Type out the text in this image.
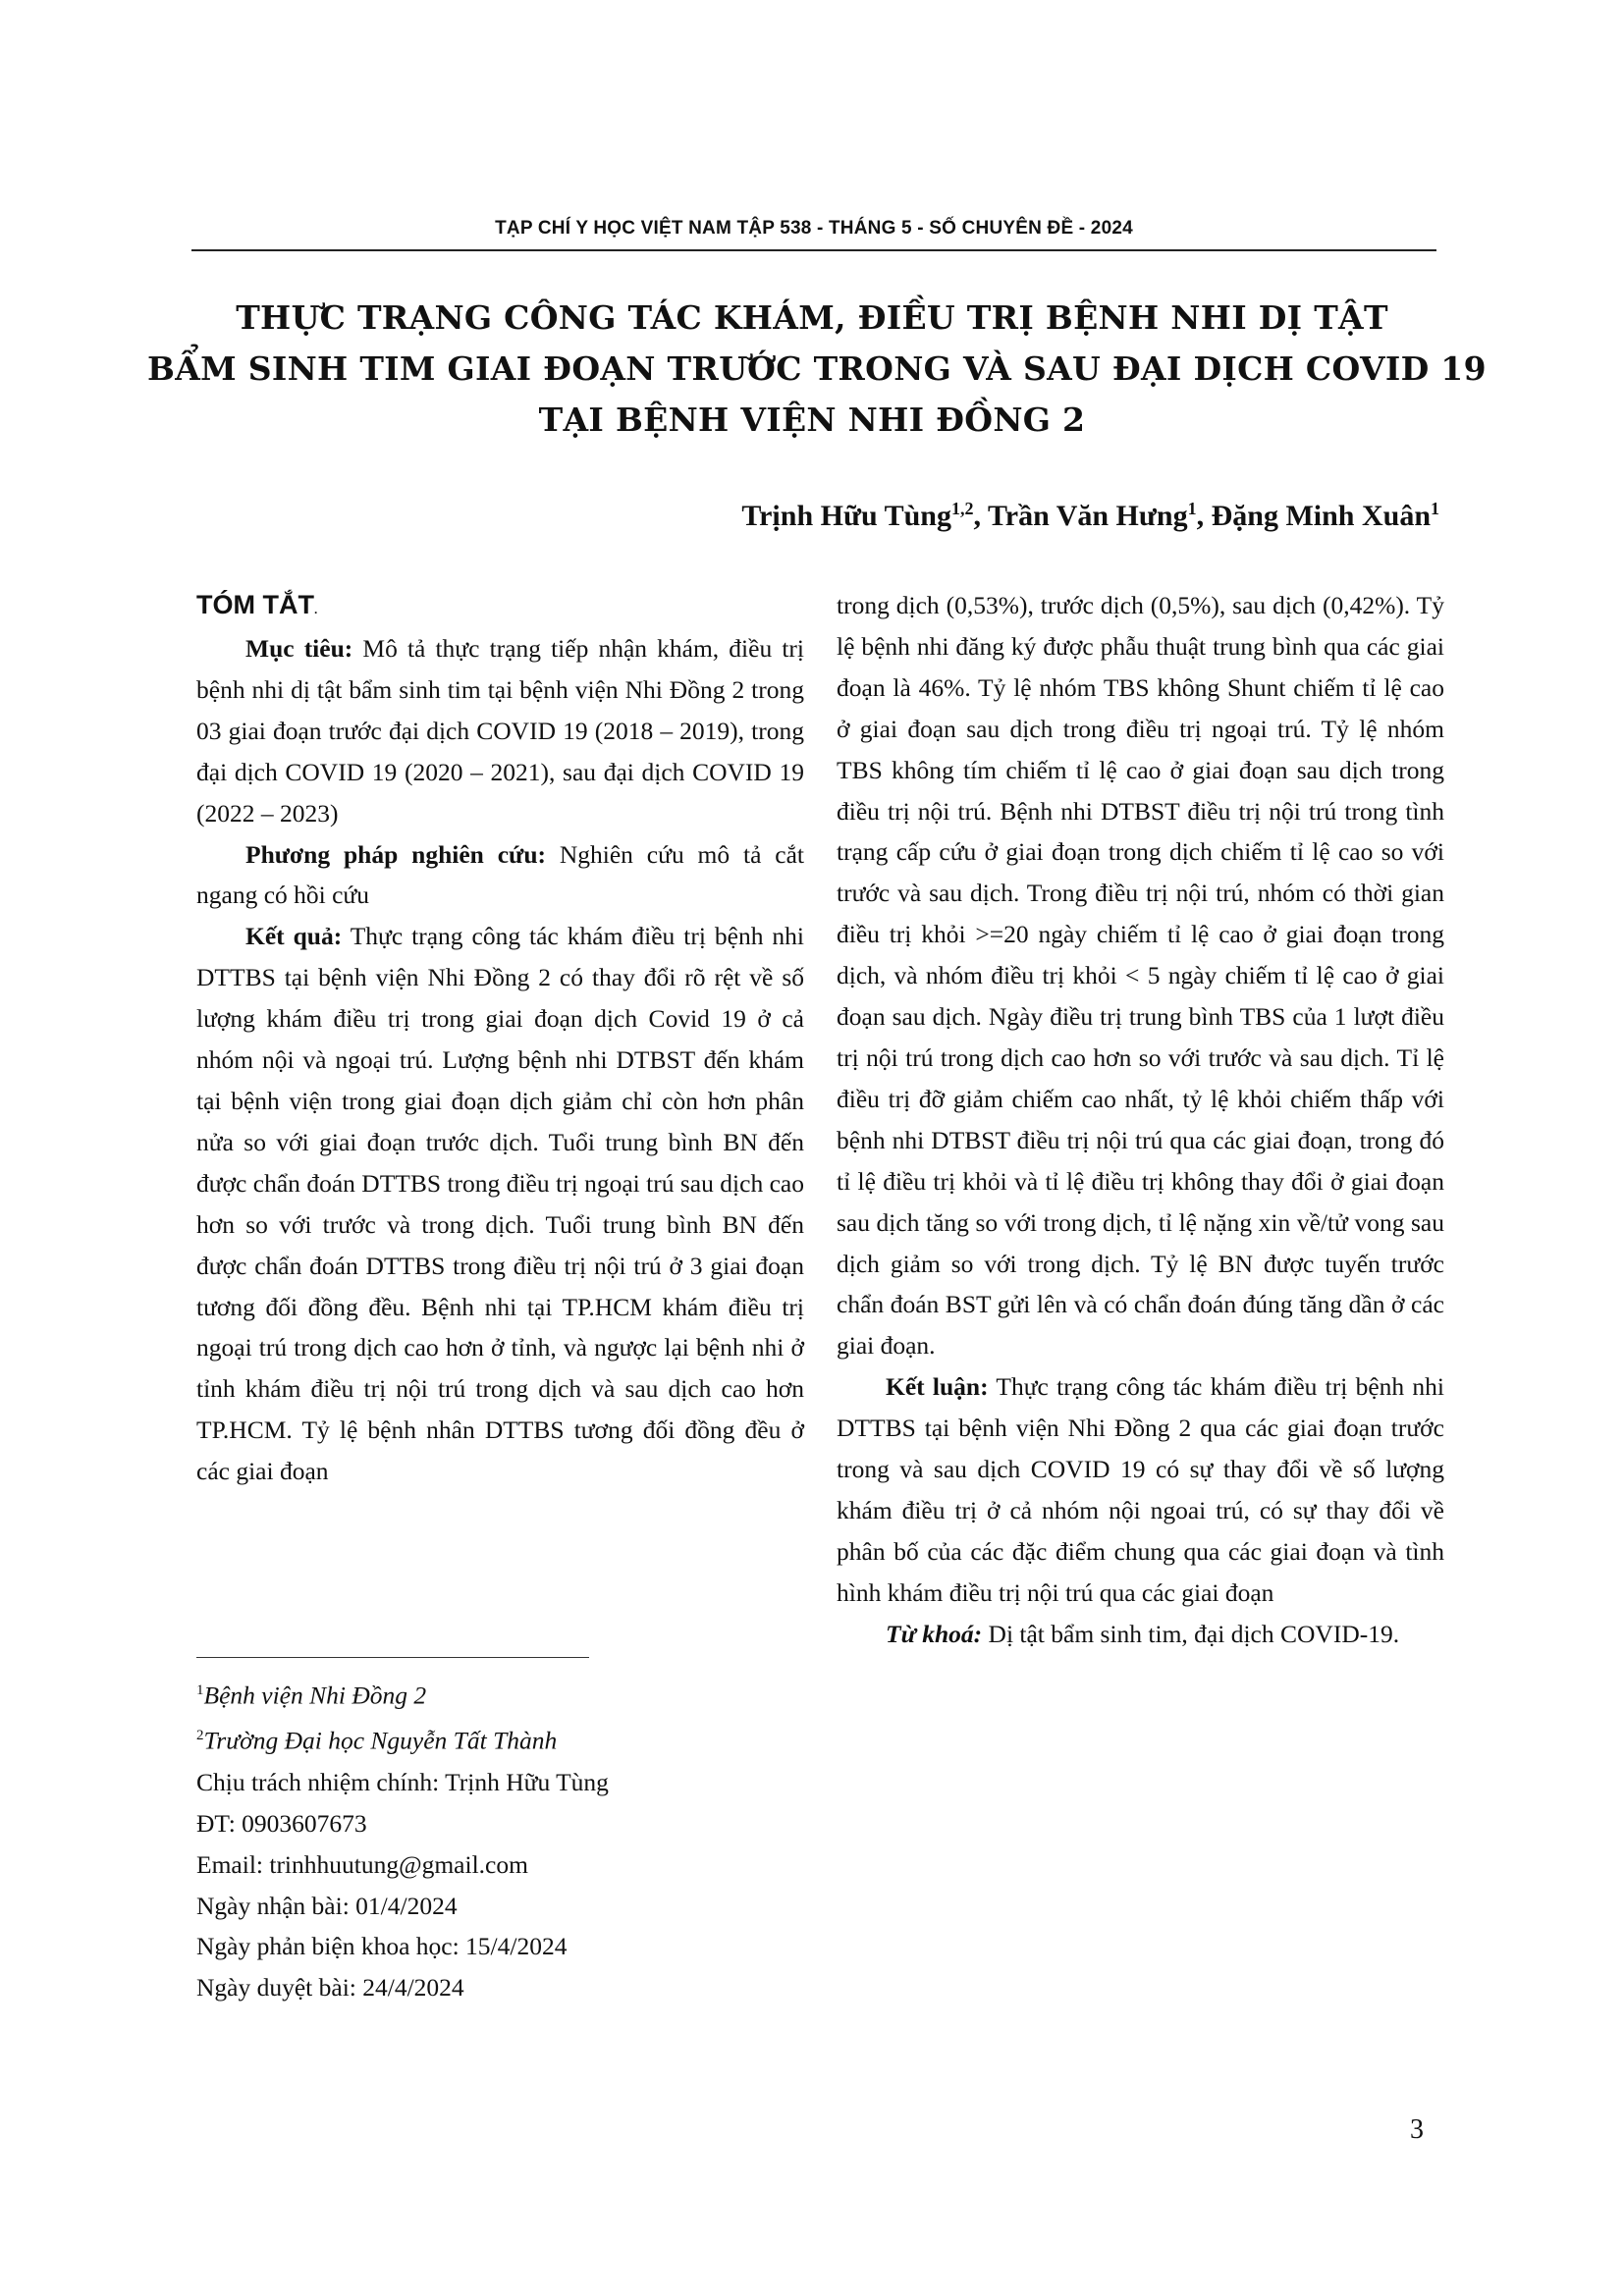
TẠP CHÍ Y HỌC VIỆT NAM TẬP 538 - THÁNG 5 - SỐ CHUYÊN ĐỀ - 2024
THỰC TRẠNG CÔNG TÁC KHÁM, ĐIỀU TRỊ BỆNH NHI DỊ TẬT
BẨM SINH TIM GIAI ĐOẠN TRƯỚC TRONG VÀ SAU ĐẠI DỊCH COVID 19
TẠI BỆNH VIỆN NHI ĐỒNG 2
Trịnh Hữu Tùng$^{1,2}$, Trần Văn Hưng$^1$, Đặng Minh Xuân$^1$
TÓM TẮT.

Mục tiêu: Mô tả thực trạng tiếp nhận khám, điều trị bệnh nhi dị tật bẩm sinh tim tại bệnh viện Nhi Đồng 2 trong 03 giai đoạn trước đại dịch COVID 19 (2018 – 2019), trong đại dịch COVID 19 (2020 – 2021), sau đại dịch COVID 19 (2022 – 2023)

Phương pháp nghiên cứu: Nghiên cứu mô tả cắt ngang có hồi cứu

Kết quả: Thực trạng công tác khám điều trị bệnh nhi DTTBS tại bệnh viện Nhi Đồng 2 có thay đổi rõ rệt về số lượng khám điều trị trong giai đoạn dịch Covid 19 ở cả nhóm nội và ngoại trú. Lượng bệnh nhi DTBST đến khám tại bệnh viện trong giai đoạn dịch giảm chỉ còn hơn phân nửa so với giai đoạn trước dịch. Tuổi trung bình BN đến được chẩn đoán DTTBS trong điều trị ngoại trú sau dịch cao hơn so với trước và trong dịch. Tuổi trung bình BN đến được chẩn đoán DTTBS trong điều trị nội trú ở 3 giai đoạn tương đối đồng đều. Bệnh nhi tại TP.HCM khám điều trị ngoại trú trong dịch cao hơn ở tỉnh, và ngược lại bệnh nhi ở tỉnh khám điều trị nội trú trong dịch và sau dịch cao hơn TP.HCM. Tỷ lệ bệnh nhân DTTBS tương đối đồng đều ở các giai đoạn

$^1$Bệnh viện Nhi Đồng 2
$^2$Trường Đại học Nguyễn Tất Thành
Chịu trách nhiệm chính: Trịnh Hữu Tùng
ĐT: 0903607673
Email: trinhhuutung@gmail.com
Ngày nhận bài: 01/4/2024
Ngày phản biện khoa học: 15/4/2024
Ngày duyệt bài: 24/4/2024

trong dịch (0,53%), trước dịch (0,5%), sau dịch (0,42%). Tỷ lệ bệnh nhi đăng ký được phẫu thuật trung bình qua các giai đoạn là 46%. Tỷ lệ nhóm TBS không Shunt chiếm tỉ lệ cao ở giai đoạn sau dịch trong điều trị ngoại trú. Tỷ lệ nhóm TBS không tím chiếm tỉ lệ cao ở giai đoạn sau dịch trong điều trị nội trú. Bệnh nhi DTBST điều trị nội trú trong tình trạng cấp cứu ở giai đoạn trong dịch chiếm tỉ lệ cao so với trước và sau dịch. Trong điều trị nội trú, nhóm có thời gian điều trị khỏi >=20 ngày chiếm tỉ lệ cao ở giai đoạn trong dịch, và nhóm điều trị khỏi < 5 ngày chiếm tỉ lệ cao ở giai đoạn sau dịch. Ngày điều trị trung bình TBS của 1 lượt điều trị nội trú trong dịch cao hơn so với trước và sau dịch. Tỉ lệ điều trị đỡ giảm chiếm cao nhất, tỷ lệ khỏi chiếm thấp với bệnh nhi DTBST điều trị nội trú qua các giai đoạn, trong đó tỉ lệ điều trị khỏi và tỉ lệ điều trị không thay đổi ở giai đoạn sau dịch tăng so với trong dịch, tỉ lệ nặng xin về/tử vong sau dịch giảm so với trong dịch. Tỷ lệ BN được tuyến trước chẩn đoán BST gửi lên và có chẩn đoán đúng tăng dần ở các giai đoạn.

Kết luận: Thực trạng công tác khám điều trị bệnh nhi DTTBS tại bệnh viện Nhi Đồng 2 qua các giai đoạn trước trong và sau dịch COVID 19 có sự thay đổi về số lượng khám điều trị ở cả nhóm nội ngoai trú, có sự thay đổi về phân bố của các đặc điểm chung qua các giai đoạn và tình hình khám điều trị nội trú qua các giai đoạn

Từ khoá: Dị tật bẩm sinh tim, đại dịch COVID-19.

3
